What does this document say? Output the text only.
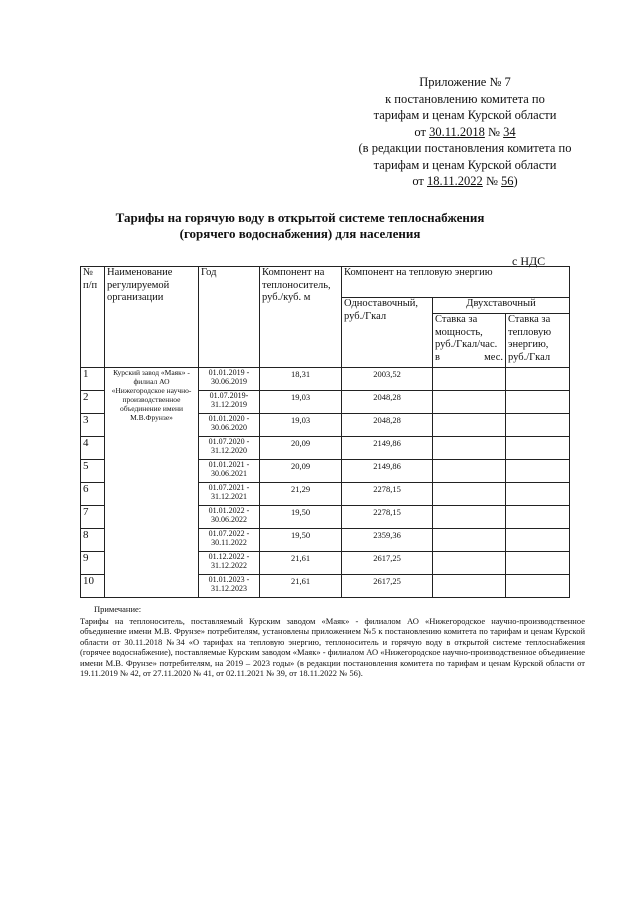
Приложение № 7
к постановлению комитета по
тарифам и ценам Курской области
от 30.11.2018 № 34
(в редакции постановления комитета по
тарифам и ценам Курской области
от 18.11.2022 № 56)
Тарифы на горячую воду в открытой системе теплоснабжения
(горячего водоснабжения) для населения
с НДС
№ п/п	Наименование регулируемой организации	Год	Компонент на теплоноситель, руб./куб. м	Компонент на тепловую энергию		
				Одноставочный, руб./Гкал	Двухставочный	
					Ставка за мощность, руб./Гкал/час. в мес.	Ставка за тепловую энергию, руб./Гкал
1	Курский завод «Маяк» - филиал АО «Нижегородское научно-производственное объединение имени М.В.Фрунзе»	01.01.2019 - 30.06.2019	18,31	2003,52		
2		01.07.2019- 31.12.2019	19,03	2048,28		
3		01.01.2020 - 30.06.2020	19,03	2048,28		
4		01.07.2020 - 31.12.2020	20,09	2149,86		
5		01.01.2021 - 30.06.2021	20,09	2149,86		
6		01.07.2021 - 31.12.2021	21,29	2278,15		
7		01.01.2022 - 30.06.2022	19,50	2278,15		
8		01.07.2022 - 30.11.2022	19,50	2359,36		
9		01.12.2022 - 31.12.2022	21,61	2617,25		
10		01.01.2023 - 31.12.2023	21,61	2617,25		
Примечание:
Тарифы на теплоноситель, поставляемый Курским заводом «Маяк» - филиалом АО «Нижегородское научно-производственное объединение имени М.В. Фрунзе» потребителям, установлены приложением №5 к постановлению комитета по тарифам и ценам Курской области от 30.11.2018 №34 «О тарифах на тепловую энергию, теплоноситель и горячую воду в открытой системе теплоснабжения (горячее водоснабжение), поставляемые Курским заводом «Маяк» - филиалом АО «Нижегородское научно-производственное объединение имени М.В. Фрунзе» потребителям, на 2019 – 2023 годы» (в редакции постановления комитета по тарифам и ценам Курской области от 19.11.2019 № 42, от 27.11.2020 № 41, от 02.11.2021 № 39, от 18.11.2022 № 56).
